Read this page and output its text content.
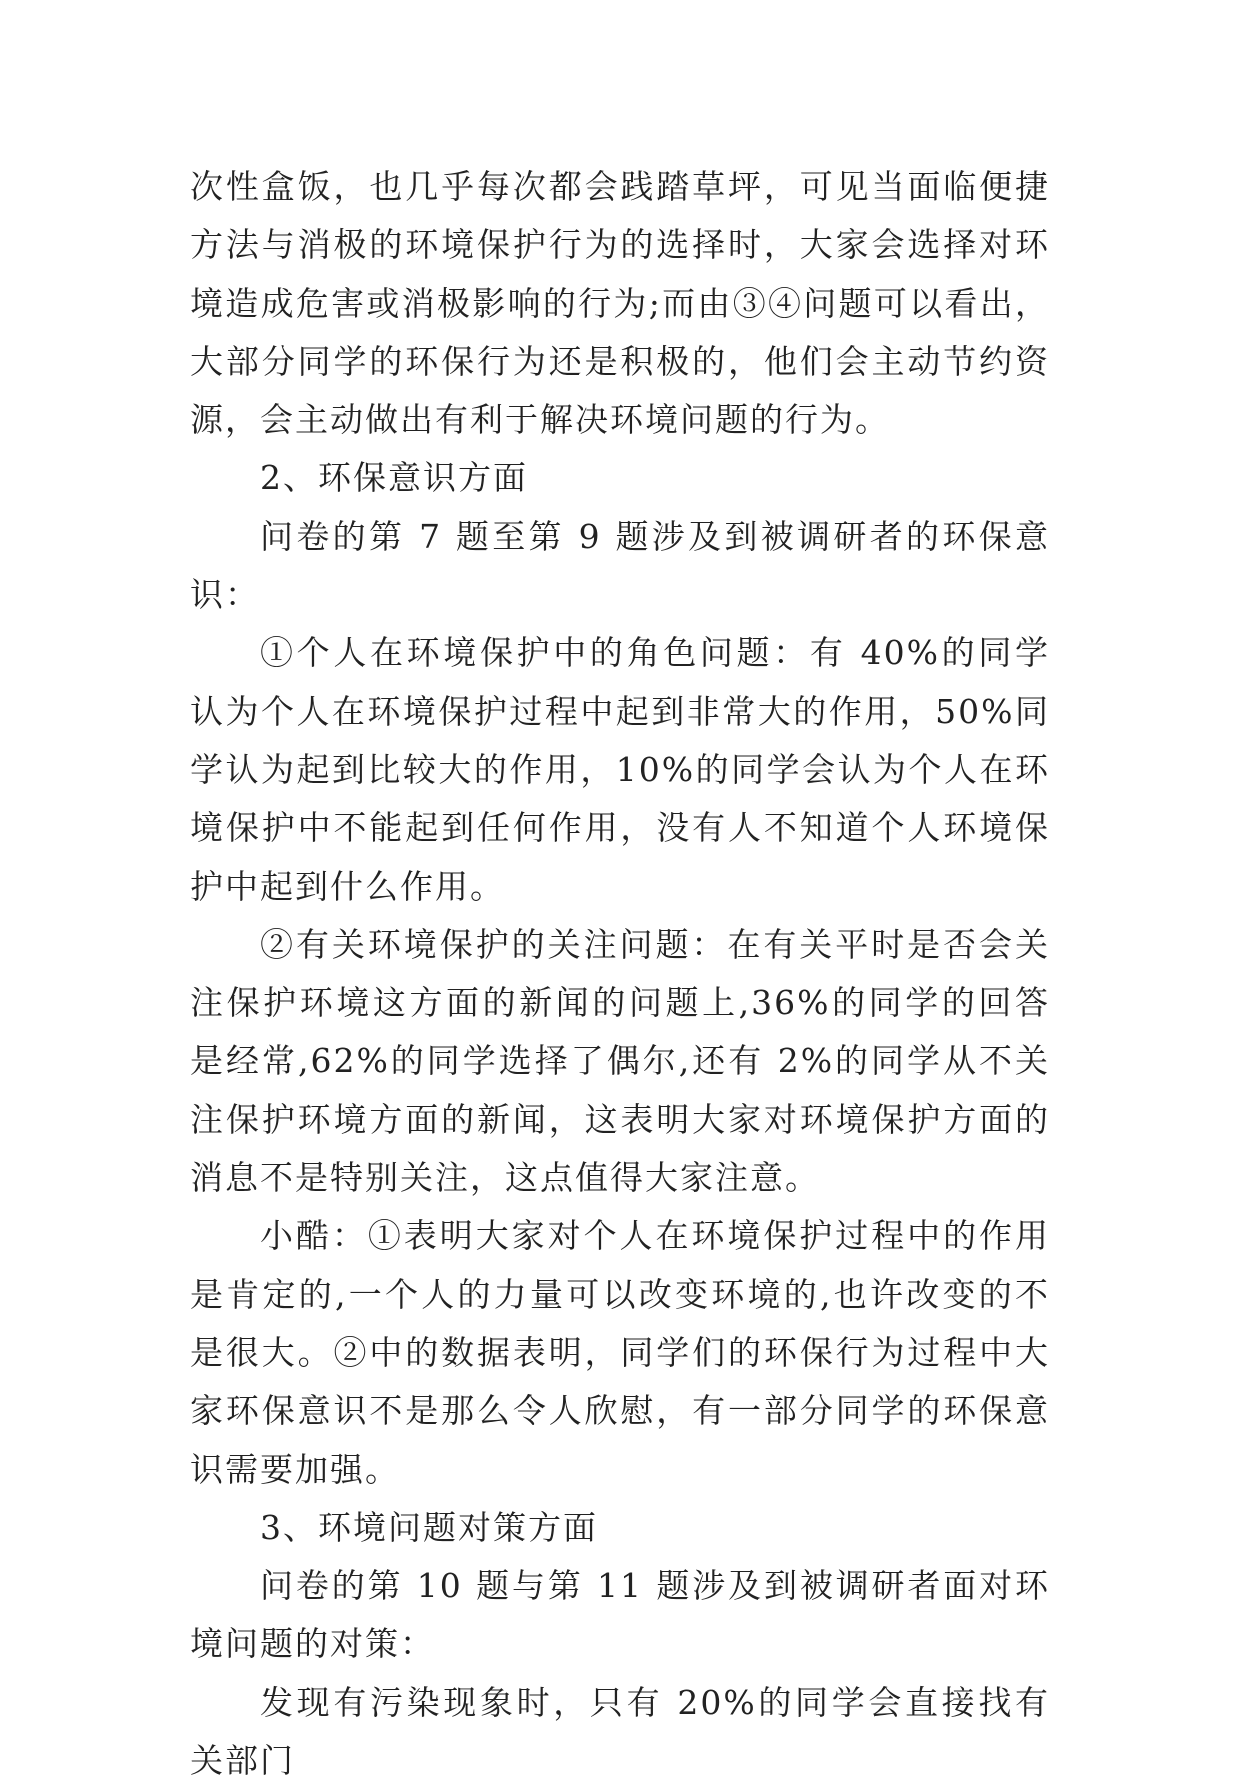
次性盒饭，也几乎每次都会践踏草坪，可见当面临便捷方法与消极的环境保护行为的选择时，大家会选择对环境造成危害或消极影响的行为;而由③④问题可以看出，大部分同学的环保行为还是积极的，他们会主动节约资源，会主动做出有利于解决环境问题的行为。

2、环保意识方面

问卷的第 7 题至第 9 题涉及到被调研者的环保意识：

①个人在环境保护中的角色问题：有 40%的同学认为个人在环境保护过程中起到非常大的作用，50%同学认为起到比较大的作用，10%的同学会认为个人在环境保护中不能起到任何作用，没有人不知道个人环境保护中起到什么作用。

②有关环境保护的关注问题：在有关平时是否会关注保护环境这方面的新闻的问题上,36%的同学的回答是经常,62%的同学选择了偶尔,还有 2%的同学从不关注保护环境方面的新闻，这表明大家对环境保护方面的消息不是特别关注，这点值得大家注意。

小酷：①表明大家对个人在环境保护过程中的作用是肯定的,一个人的力量可以改变环境的,也许改变的不是很大。②中的数据表明，同学们的环保行为过程中大家环保意识不是那么令人欣慰，有一部分同学的环保意识需要加强。

3、环境问题对策方面

问卷的第 10 题与第 11 题涉及到被调研者面对环境问题的对策：

发现有污染现象时，只有 20%的同学会直接找有关部门
